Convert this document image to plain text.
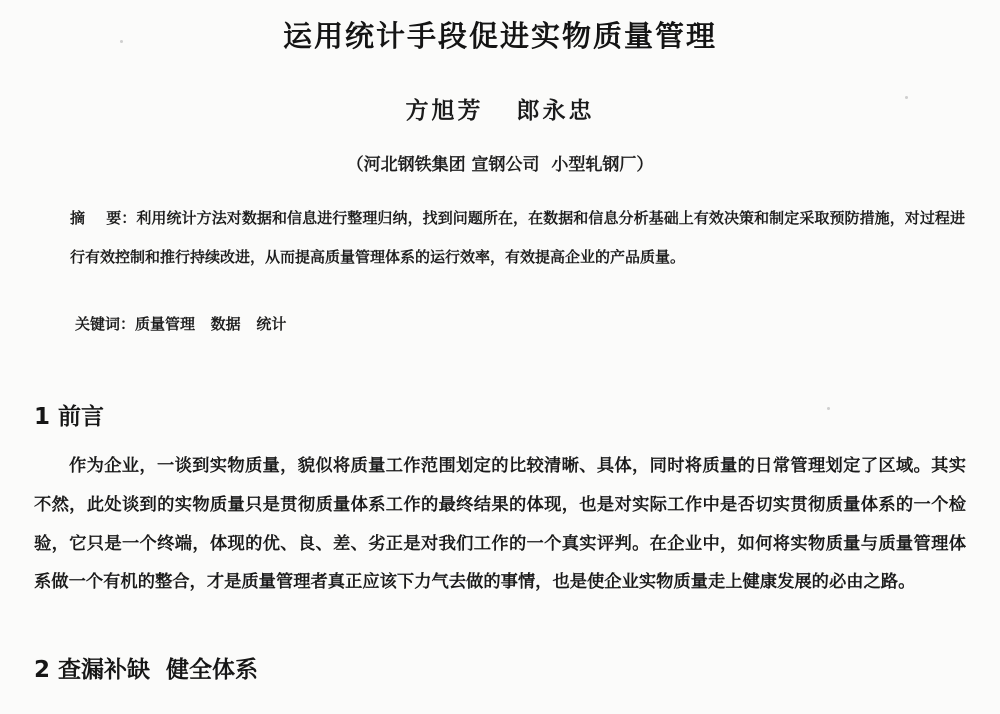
运用统计手段促进实物质量管理
方旭芳   郎永忠
（河北钢铁集团 宣钢公司  小型轧钢厂）
摘    要：利用统计方法对数据和信息进行整理归纳，找到问题所在，在数据和信息分析基础上有效决策和制定采取预防措施，对过程进行有效控制和推行持续改进，从而提高质量管理体系的运行效率，有效提高企业的产品质量。
关键词：质量管理   数据   统计
1 前言
作为企业，一谈到实物质量，貌似将质量工作范围划定的比较清晰、具体，同时将质量的日常管理划定了区域。其实不然，此处谈到的实物质量只是贯彻质量体系工作的最终结果的体现，也是对实际工作中是否切实贯彻质量体系的一个检验，它只是一个终端，体现的优、良、差、劣正是对我们工作的一个真实评判。在企业中，如何将实物质量与质量管理体系做一个有机的整合，才是质量管理者真正应该下力气去做的事情，也是使企业实物质量走上健康发展的必由之路。
2 查漏补缺  健全体系
